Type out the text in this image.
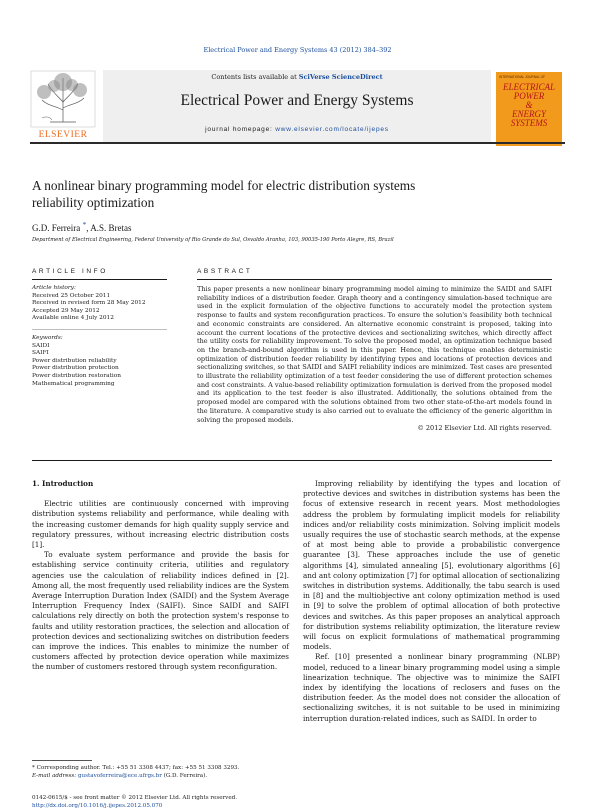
Electrical Power and Energy Systems 43 (2012) 384–392
ELSEVIER
Contents lists available at SciVerse ScienceDirect
Electrical Power and Energy Systems
journal homepage: www.elsevier.com/locate/ijepes
INTERNATIONAL JOURNAL OF
ELECTRICAL
POWER
&
ENERGY
SYSTEMS
A nonlinear binary programming model for electric distribution systems
reliability optimization
G.D. Ferreira *, A.S. Bretas
Department of Electrical Engineering, Federal University of Rio Grande do Sul, Osvaldo Aranha, 103, 90035-190 Porto Alegre, RS, Brazil
ARTICLE INFO	ABSTRACT
Article history:
Received 25 October 2011
Received in revised form 28 May 2012
Accepted 29 May 2012
Available online 4 July 2012
Keywords:
SAIDI
SAIFI
Power distribution reliability
Power distribution protection
Power distribution restoration
Mathematical programming
This paper presents a new nonlinear binary programming model aiming to minimize the SAIDI and SAIFI reliability indices of a distribution feeder. Graph theory and a contingency simulation-based technique are used in the explicit formulation of the objective functions to accurately model the protection system response to faults and system reconfiguration practices. To ensure the solution's feasibility both technical and economic constraints are considered. An alternative economic constraint is proposed, taking into account the current locations of the protective devices and sectionalizing switches, which directly affect the utility costs for reliability improvement. To solve the proposed model, an optimization technique based on the branch-and-bound algorithm is used in this paper. Hence, this technique enables deterministic optimization of distribution feeder reliability by identifying types and locations of protection devices and sectionalizing switches, so that SAIDI and SAIFI reliability indices are minimized. Test cases are presented to illustrate the reliability optimization of a test feeder considering the use of different protection schemes and cost constraints. A value-based reliability optimization formulation is derived from the proposed model and its application to the test feeder is also illustrated. Additionally, the solutions obtained from the proposed model are compared with the solutions obtained from two other state-of-the-art models found in the literature. A comparative study is also carried out to evaluate the efficiency of the generic algorithm in solving the proposed models.
© 2012 Elsevier Ltd. All rights reserved.

1. Introduction

Electric utilities are continuously concerned with improving distribution systems reliability and performance, while dealing with the increasing customer demands for high quality supply service and regulatory pressures, without increasing electric distribution costs [1].

To evaluate system performance and provide the basis for establishing service continuity criteria, utilities and regulatory agencies use the calculation of reliability indices defined in [2]. Among all, the most frequently used reliability indices are the System Average Interruption Duration Index (SAIDI) and the System Average Interruption Frequency Index (SAIFI). Since SAIDI and SAIFI calculations rely directly on both the protection system's response to faults and utility restoration practices, the selection and allocation of protection devices and sectionalizing switches on distribution feeders can improve the indices. This enables to minimize the number of customers affected by protection device operation while maximizes the number of customers restored through system reconfiguration.

Improving reliability by identifying the types and location of protective devices and switches in distribution systems has been the focus of extensive research in recent years. Most methodologies address the problem by formulating implicit models for reliability indices and/or reliability costs minimization. Solving implicit models usually requires the use of stochastic search methods, at the expense of at most being able to provide a probabilistic convergence guarantee [3]. These approaches include the use of genetic algorithms [4], simulated annealing [5], evolutionary algorithms [6] and ant colony optimization [7] for optimal allocation of sectionalizing switches in distribution systems. Additionally, the tabu search is used in [8] and the multiobjective ant colony optimization method is used in [9] to solve the problem of optimal allocation of both protective devices and switches. As this paper proposes an analytical approach for distribution systems reliability optimization, the literature review will focus on explicit formulations of mathematical programming models.

Ref. [10] presented a nonlinear binary programming (NLBP) model, reduced to a linear binary programming model using a simple linearization technique. The objective was to minimize the SAIFI index by identifying the locations of reclosers and fuses on the distribution feeder. As the model does not consider the allocation of sectionalizing switches, it is not suitable to be used in minimizing interruption duration-related indices, such as SAIDI. In order to

* Corresponding author. Tel.: +55 51 3308 4437; fax: +55 51 3308 3293.
E-mail address: gustavoferreira@ece.ufrgs.br (G.D. Ferreira).
0142-0615/$ - see front matter © 2012 Elsevier Ltd. All rights reserved.
http://dx.doi.org/10.1016/j.ijepes.2012.05.070
